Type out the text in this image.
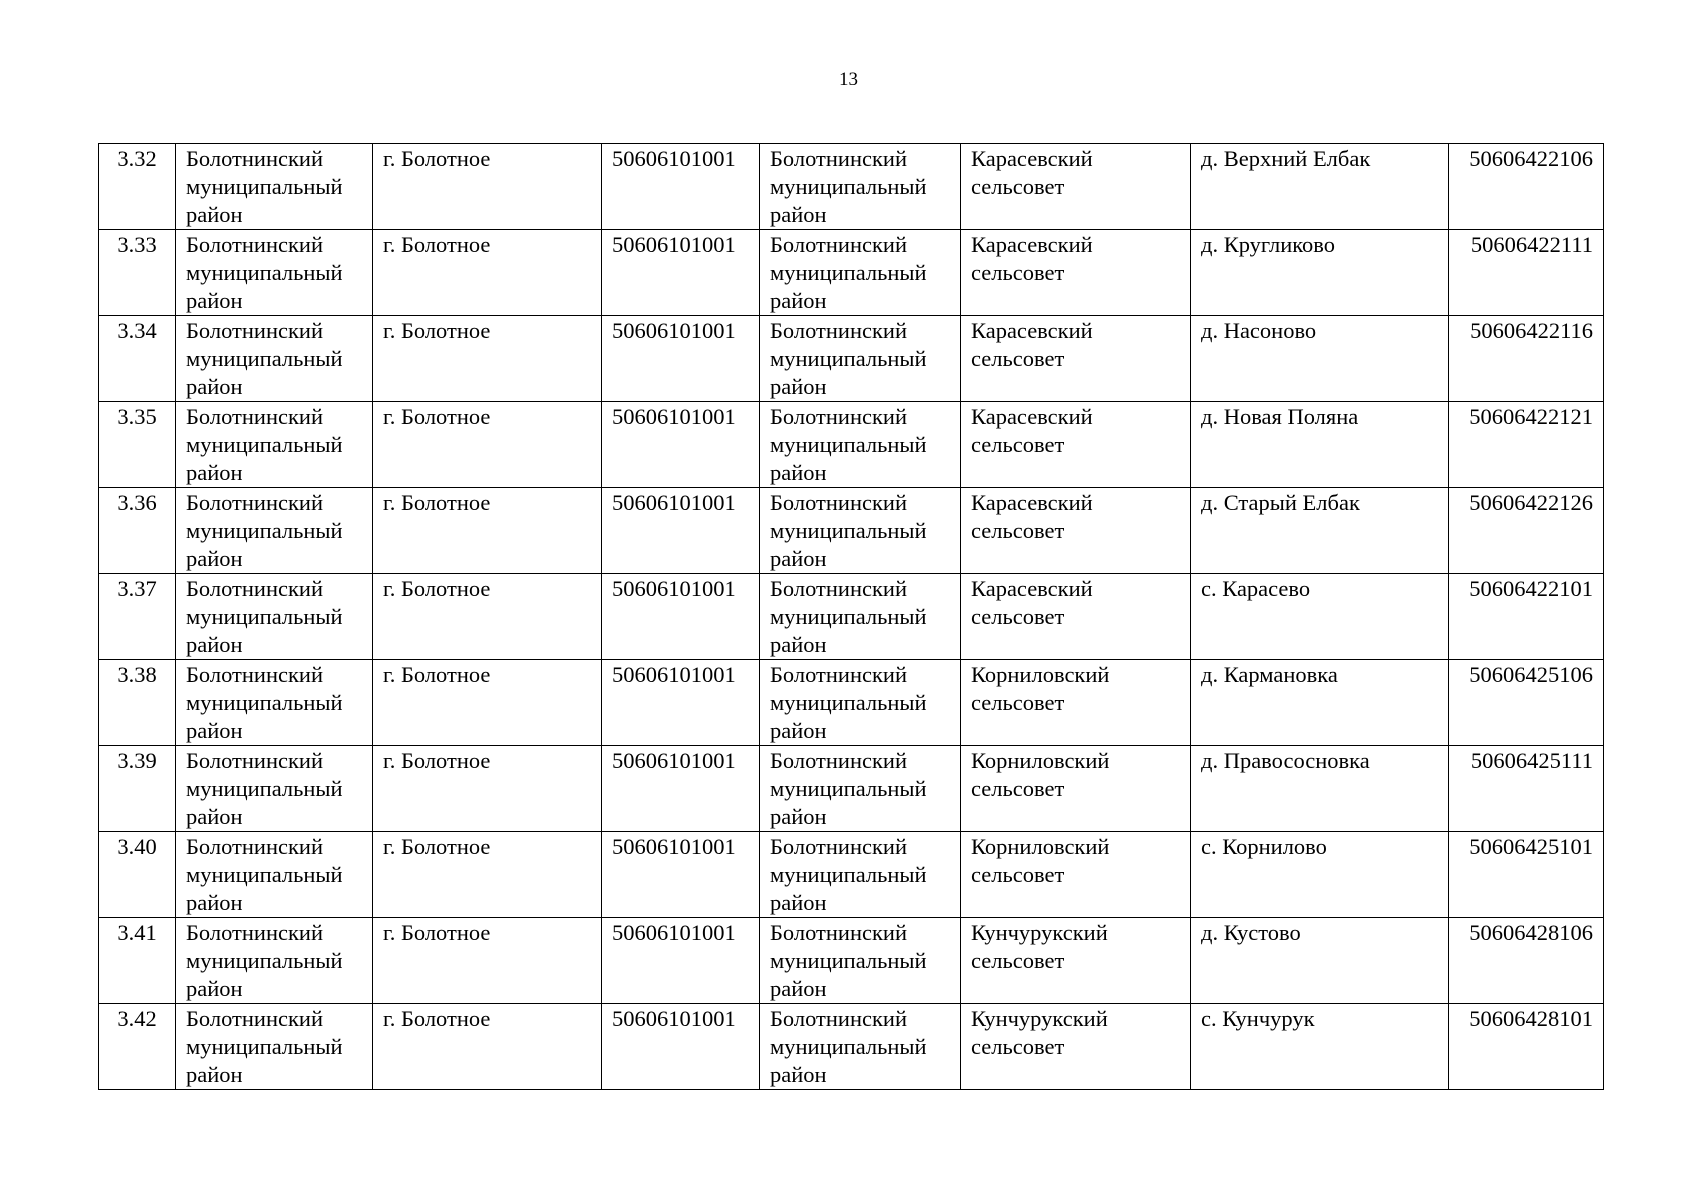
13
3.32	Болотнинский муниципальный район	г. Болотное	50606101001	Болотнинский муниципальный район	Карасевский сельсовет	д. Верхний Елбак	50606422106
3.33	Болотнинский муниципальный район	г. Болотное	50606101001	Болотнинский муниципальный район	Карасевский сельсовет	д. Кругликово	50606422111
3.34	Болотнинский муниципальный район	г. Болотное	50606101001	Болотнинский муниципальный район	Карасевский сельсовет	д. Насоново	50606422116
3.35	Болотнинский муниципальный район	г. Болотное	50606101001	Болотнинский муниципальный район	Карасевский сельсовет	д. Новая Поляна	50606422121
3.36	Болотнинский муниципальный район	г. Болотное	50606101001	Болотнинский муниципальный район	Карасевский сельсовет	д. Старый Елбак	50606422126
3.37	Болотнинский муниципальный район	г. Болотное	50606101001	Болотнинский муниципальный район	Карасевский сельсовет	с. Карасево	50606422101
3.38	Болотнинский муниципальный район	г. Болотное	50606101001	Болотнинский муниципальный район	Корниловский сельсовет	д. Кармановка	50606425106
3.39	Болотнинский муниципальный район	г. Болотное	50606101001	Болотнинский муниципальный район	Корниловский сельсовет	д. Правососновка	50606425111
3.40	Болотнинский муниципальный район	г. Болотное	50606101001	Болотнинский муниципальный район	Корниловский сельсовет	с. Корнилово	50606425101
3.41	Болотнинский муниципальный район	г. Болотное	50606101001	Болотнинский муниципальный район	Кунчурукский сельсовет	д. Кустово	50606428106
3.42	Болотнинский муниципальный район	г. Болотное	50606101001	Болотнинский муниципальный район	Кунчурукский сельсовет	с. Кунчурук	50606428101
